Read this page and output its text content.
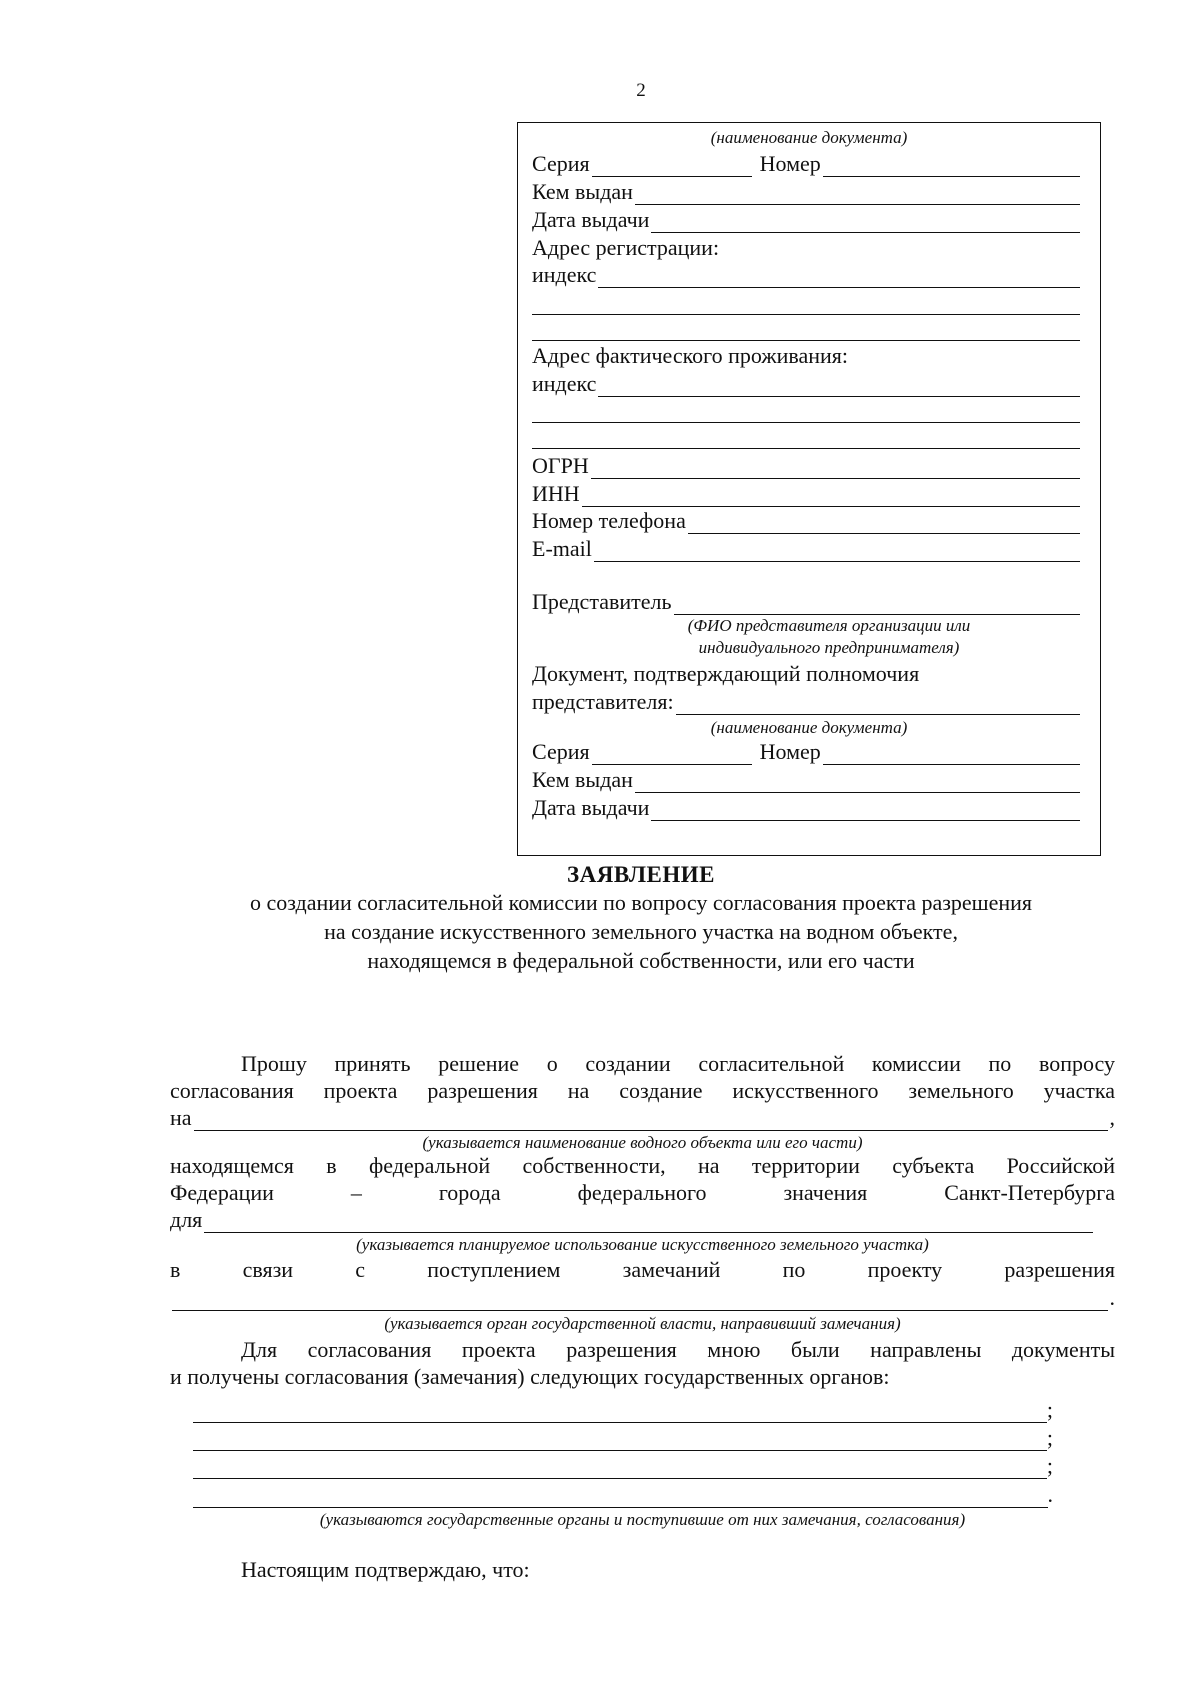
2
(наименование документа)
Серия	Номер
Кем выдан
Дата выдачи
Адрес регистрации:
индекс
Адрес фактического проживания:
индекс
ОГРН
ИНН
Номер телефона
E-mail
Представитель
(ФИО представителя организации или
индивидуального предпринимателя)
Документ, подтверждающий полномочия
представителя:
(наименование документа)
Серия	Номер
Кем выдан
Дата выдачи
ЗАЯВЛЕНИЕ
о создании согласительной комиссии по вопросу согласования проекта разрешения
на создание искусственного земельного участка на водном объекте,
находящемся в федеральной собственности, или его части
Прошу принять решение о создании согласительной комиссии по вопросу
согласования проекта разрешения на создание искусственного земельного участка
на	,
(указывается наименование водного объекта или его части)
находящемся в федеральной собственности, на территории субъекта Российской
Федерации – города федерального значения Санкт-Петербурга
для
(указывается планируемое использование искусственного земельного участка)
в связи с поступлением замечаний по проекту разрешения
.
(указывается орган государственной власти, направивший замечания)
Для согласования проекта разрешения мною были направлены документы
и получены согласования (замечания) следующих государственных органов:
;
;
;
.
(указываются государственные органы и поступившие от них замечания, согласования)
Настоящим подтверждаю, что:
